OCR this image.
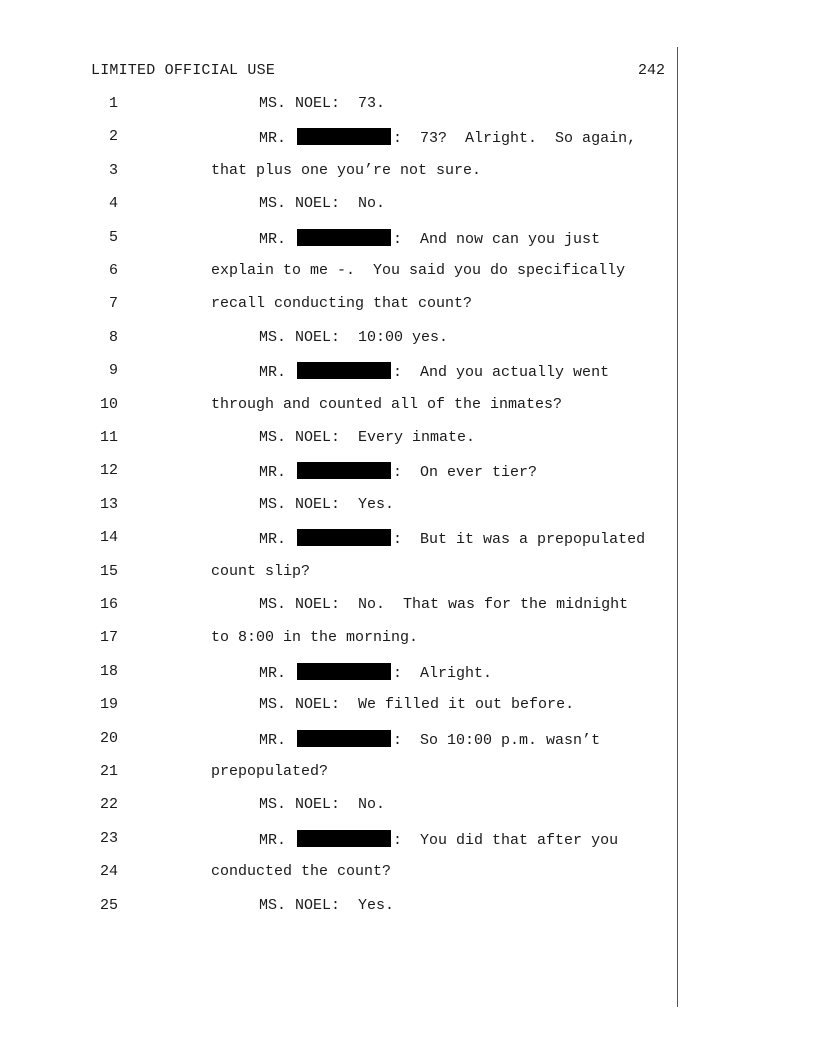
LIMITED OFFICIAL USE	242
1	MS. NOEL: 73.
2	MR.	:  73?  Alright.  So again,
3	that plus one you’re not sure.
4	MS. NOEL: No.
5	MR.	:  And now can you just
6	explain to me -.  You said you do specifically
7	recall conducting that count?
8	MS. NOEL: 10:00 yes.
9	MR.	:  And you actually went
10	through and counted all of the inmates?
11	MS. NOEL: Every inmate.
12	MR.	:  On ever tier?
13	MS. NOEL: Yes.
14	MR.	:  But it was a prepopulated
15	count slip?
16	MS. NOEL: No.  That was for the midnight
17	to 8:00 in the morning.
18	MR.	:  Alright.
19	MS. NOEL: We filled it out before.
20	MR.	:  So 10:00 p.m. wasn’t
21	prepopulated?
22	MS. NOEL: No.
23	MR.	:  You did that after you
24	conducted the count?
25	MS. NOEL: Yes.
